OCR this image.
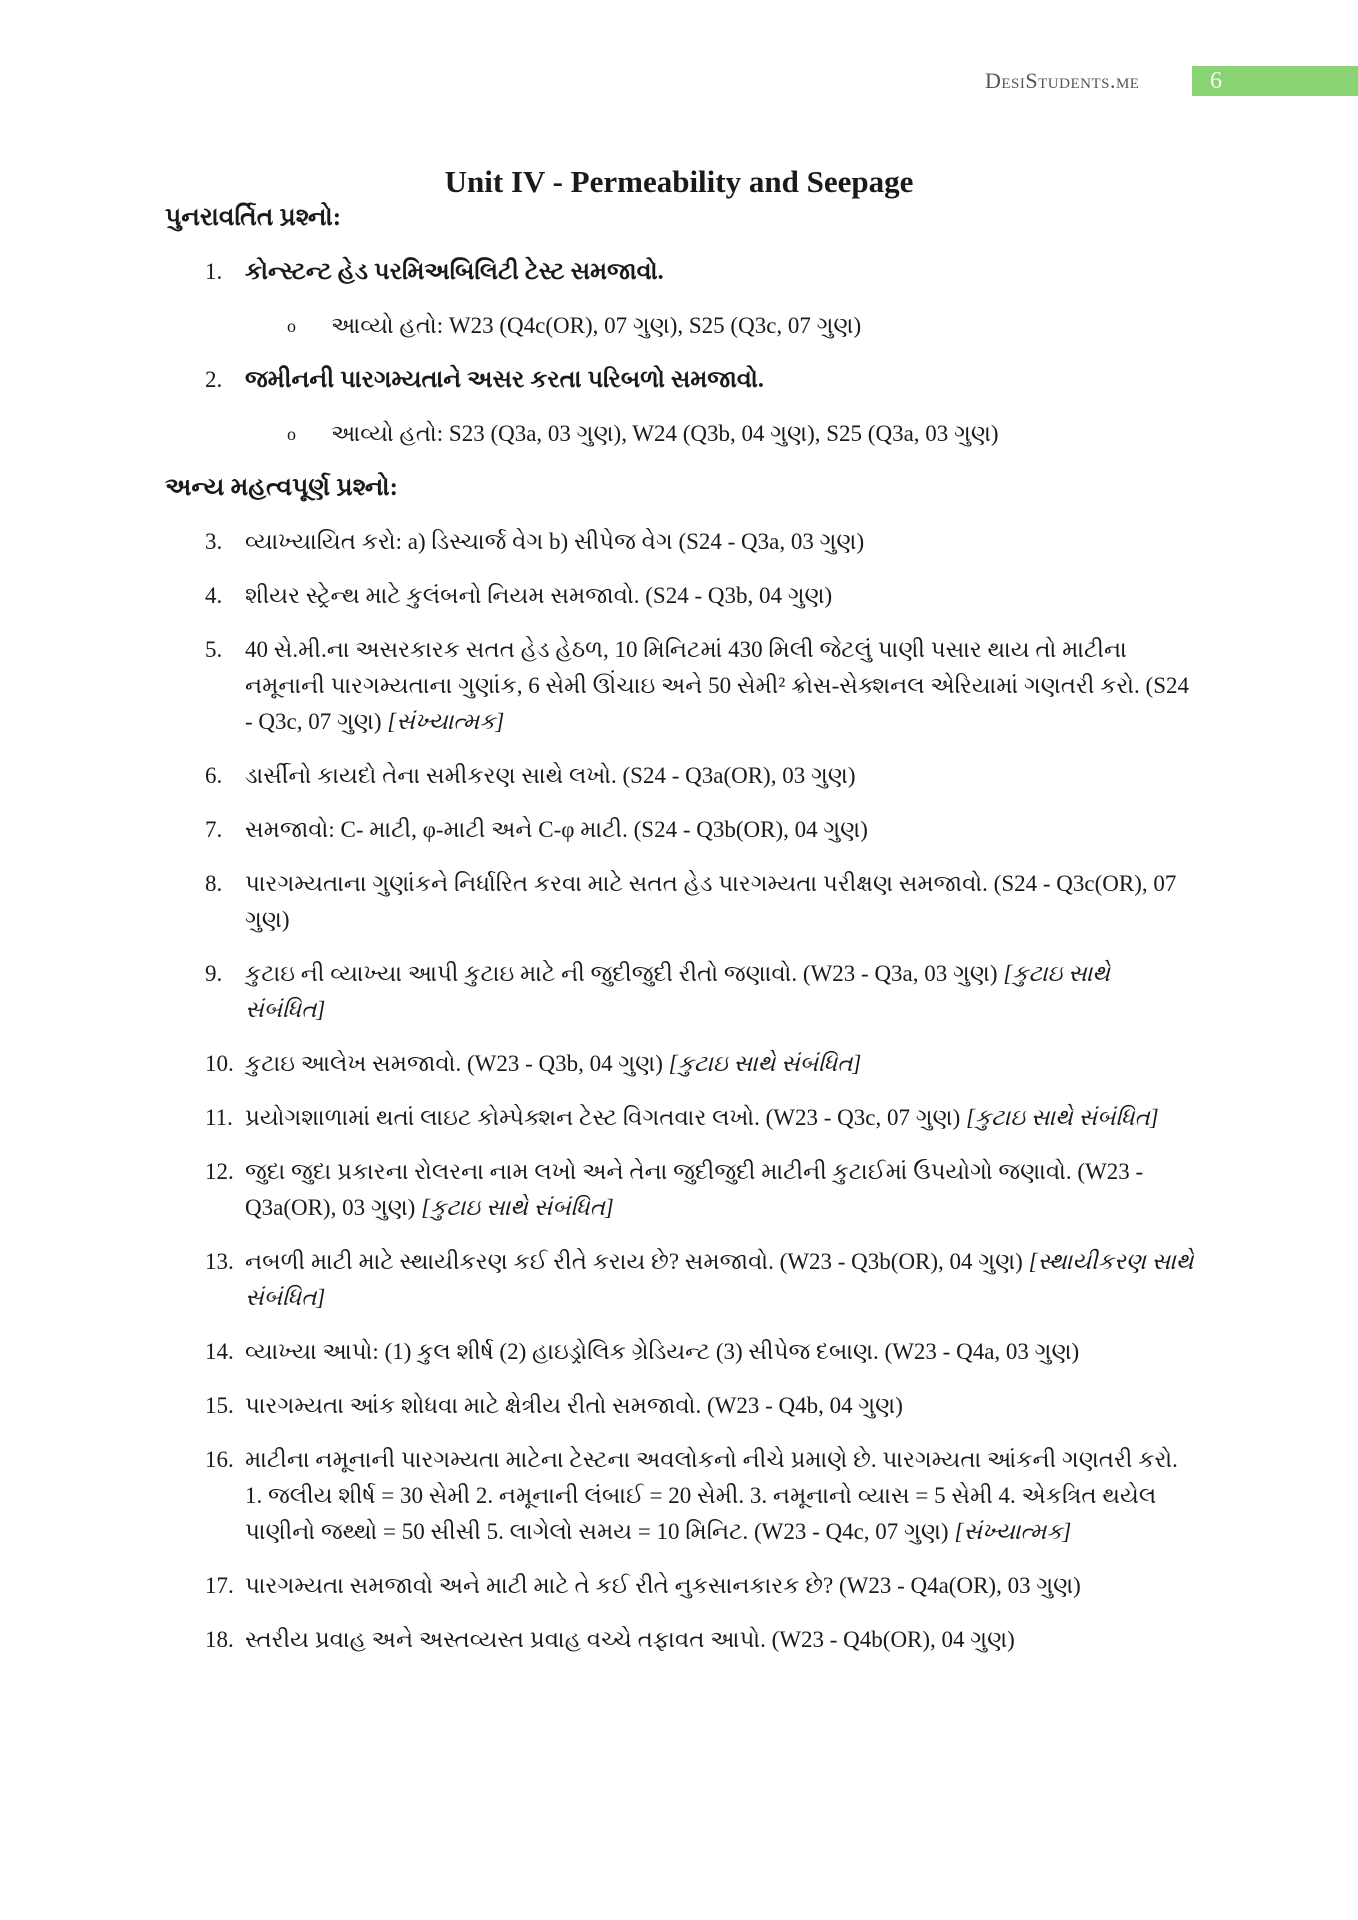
DesiStudents.me	6
Unit IV - Permeability and Seepage
પુનરાવર્તિત પ્રશ્નો:
1. કોન્સ્ટન્ટ હેડ પરમિઅબિલિટી ટેસ્ટ સમજાવો.
o	આવ્યો હતો: W23 (Q4c(OR), 07 ગુણ), S25 (Q3c, 07 ગુણ)
2. જમીનની પારગમ્યતાને અસર કરતા પરિબળો સમજાવો.
o	આવ્યો હતો: S23 (Q3a, 03 ગુણ), W24 (Q3b, 04 ગુણ), S25 (Q3a, 03 ગુણ)
અન્ય મહત્વપૂર્ણ પ્રશ્નો:
3. વ્યાખ્યાયિત કરો: a) ડિસ્ચાર્જ વેગ b) સીપેજ વેગ (S24 - Q3a, 03 ગુણ)
4. શીયર સ્ટ્રેન્થ માટે કુલંબનો નિયમ સમજાવો. (S24 - Q3b, 04 ગુણ)
5. 40 સે.મી.ના અસરકારક સતત હેડ હેઠળ, 10 મિનિટમાં 430 મિલી જેટલું પાણી પસાર થાય તો માટીના નમૂનાની પારગમ્યતાના ગુણાંક, 6 સેમી ઊંચાઇ અને 50 સેમી² ક્રોસ-સેક્શનલ એરિયામાં ગણતરી કરો. (S24 - Q3c, 07 ગુણ) [સંખ્યાત્મક]
6. ડાર્સીનો કાયદો તેના સમીકરણ સાથે લખો. (S24 - Q3a(OR), 03 ગુણ)
7. સમજાવો: C- માટી, φ-માટી અને C-φ માટી. (S24 - Q3b(OR), 04 ગુણ)
8. પારગમ્યતાના ગુણાંકને નિર્ધારિત કરવા માટે સતત હેડ પારગમ્યતા પરીક્ષણ સમજાવો. (S24 - Q3c(OR), 07 ગુણ)
9. કુટાઇ ની વ્યાખ્યા આપી કુટાઇ માટે ની જુદીજુદી રીતો જણાવો. (W23 - Q3a, 03 ગુણ) [કુટાઇ સાથે સંબંધિત]
10. કુટાઇ આલેખ સમજાવો. (W23 - Q3b, 04 ગુણ) [કુટાઇ સાથે સંબંધિત]
11. પ્રયોગશાળામાં થતાં લાઇટ કોમ્પેક્શન ટેસ્ટ વિગતવાર લખો. (W23 - Q3c, 07 ગુણ) [કુટાઇ સાથે સંબંધિત]
12. જુદા જુદા પ્રકારના રોલરના નામ લખો અને તેના જુદીજુદી માટીની કુટાઈમાં ઉપયોગો જણાવો. (W23 - Q3a(OR), 03 ગુણ) [કુટાઇ સાથે સંબંધિત]
13. નબળી માટી માટે સ્થાયીકરણ કઈ રીતે કરાય છે? સમજાવો. (W23 - Q3b(OR), 04 ગુણ) [સ્થાયીકરણ સાથે સંબંધિત]
14. વ્યાખ્યા આપો: (1) કુલ શીર્ષ (2) હાઇડ્રોલિક ગ્રેડિયન્ટ (3) સીપેજ દબાણ. (W23 - Q4a, 03 ગુણ)
15. પારગમ્યતા આંક શોધવા માટે ક્ષેત્રીય રીતો સમજાવો. (W23 - Q4b, 04 ગુણ)
16. માટીના નમૂનાની પારગમ્યતા માટેના ટેસ્ટના અવલોકનો નીચે પ્રમાણે છે. પારગમ્યતા આંકની ગણતરી કરો. 1. જલીય શીર્ષ = 30 સેમી 2. નમૂનાની લંબાઈ = 20 સેમી. 3. નમૂનાનો વ્યાસ = 5 સેમી 4. એકત્રિત થયેલ પાણીનો જથ્થો = 50 સીસી 5. લાગેલો સમય = 10 મિનિટ. (W23 - Q4c, 07 ગુણ) [સંખ્યાત્મક]
17. પારગમ્યતા સમજાવો અને માટી માટે તે કઈ રીતે નુકસાનકારક છે? (W23 - Q4a(OR), 03 ગુણ)
18. સ્તરીય પ્રવાહ અને અસ્તવ્યસ્ત પ્રવાહ વચ્ચે તફાવત આપો. (W23 - Q4b(OR), 04 ગુણ)
